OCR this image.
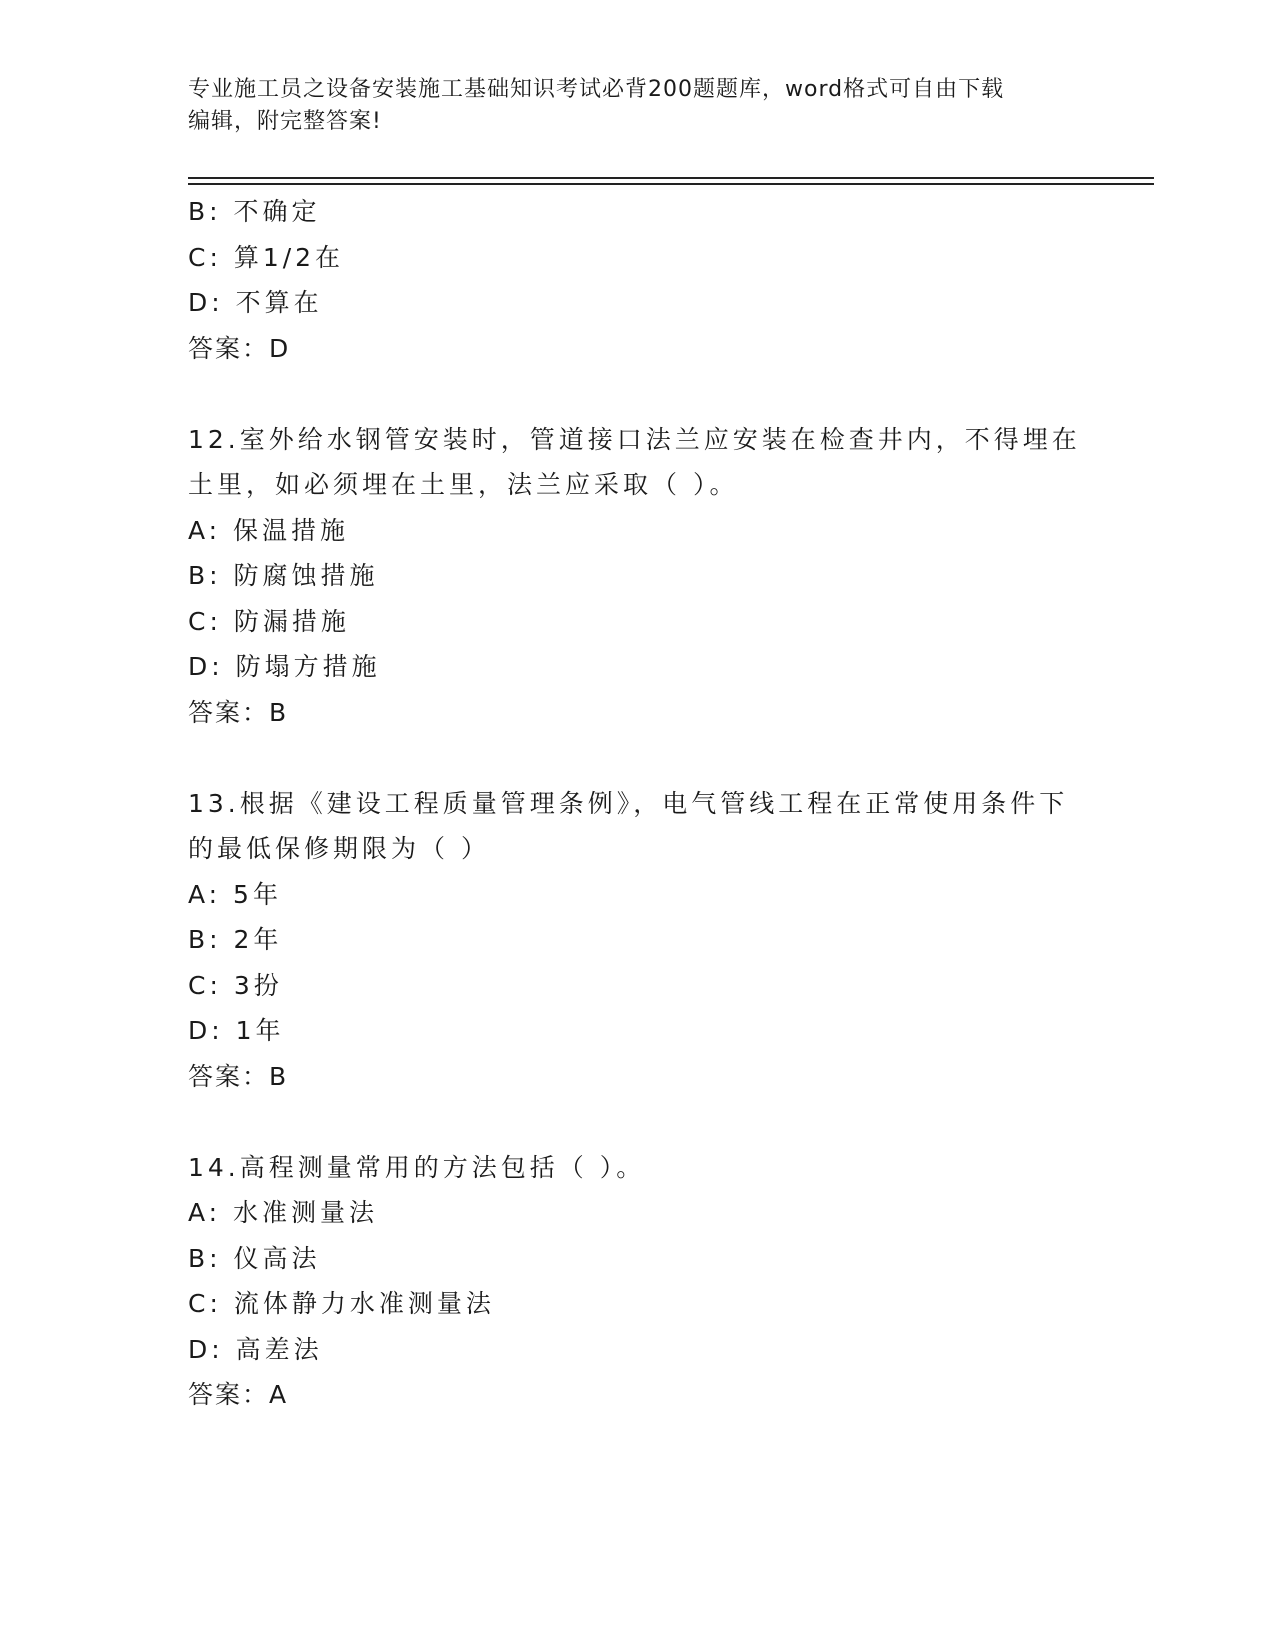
专业施工员之设备安装施工基础知识考试必背200题题库，word格式可自由下载
编辑，附完整答案!
B: 不确定
C: 算1/2在
D: 不算在
答案：D
12.室外给水钢管安装时，管道接口法兰应安装在检查井内，不得埋在
土里，如必须埋在土里，法兰应采取（ ）。
A: 保温措施
B: 防腐蚀措施
C: 防漏措施
D: 防塌方措施
答案：B
13.根据《建设工程质量管理条例》，电气管线工程在正常使用条件下
的最低保修期限为（ ）
A: 5年
B: 2年
C: 3扮
D: 1年
答案：B
14.高程测量常用的方法包括（ ）。
A: 水准测量法
B: 仪高法
C: 流体静力水准测量法
D: 高差法
答案：A
